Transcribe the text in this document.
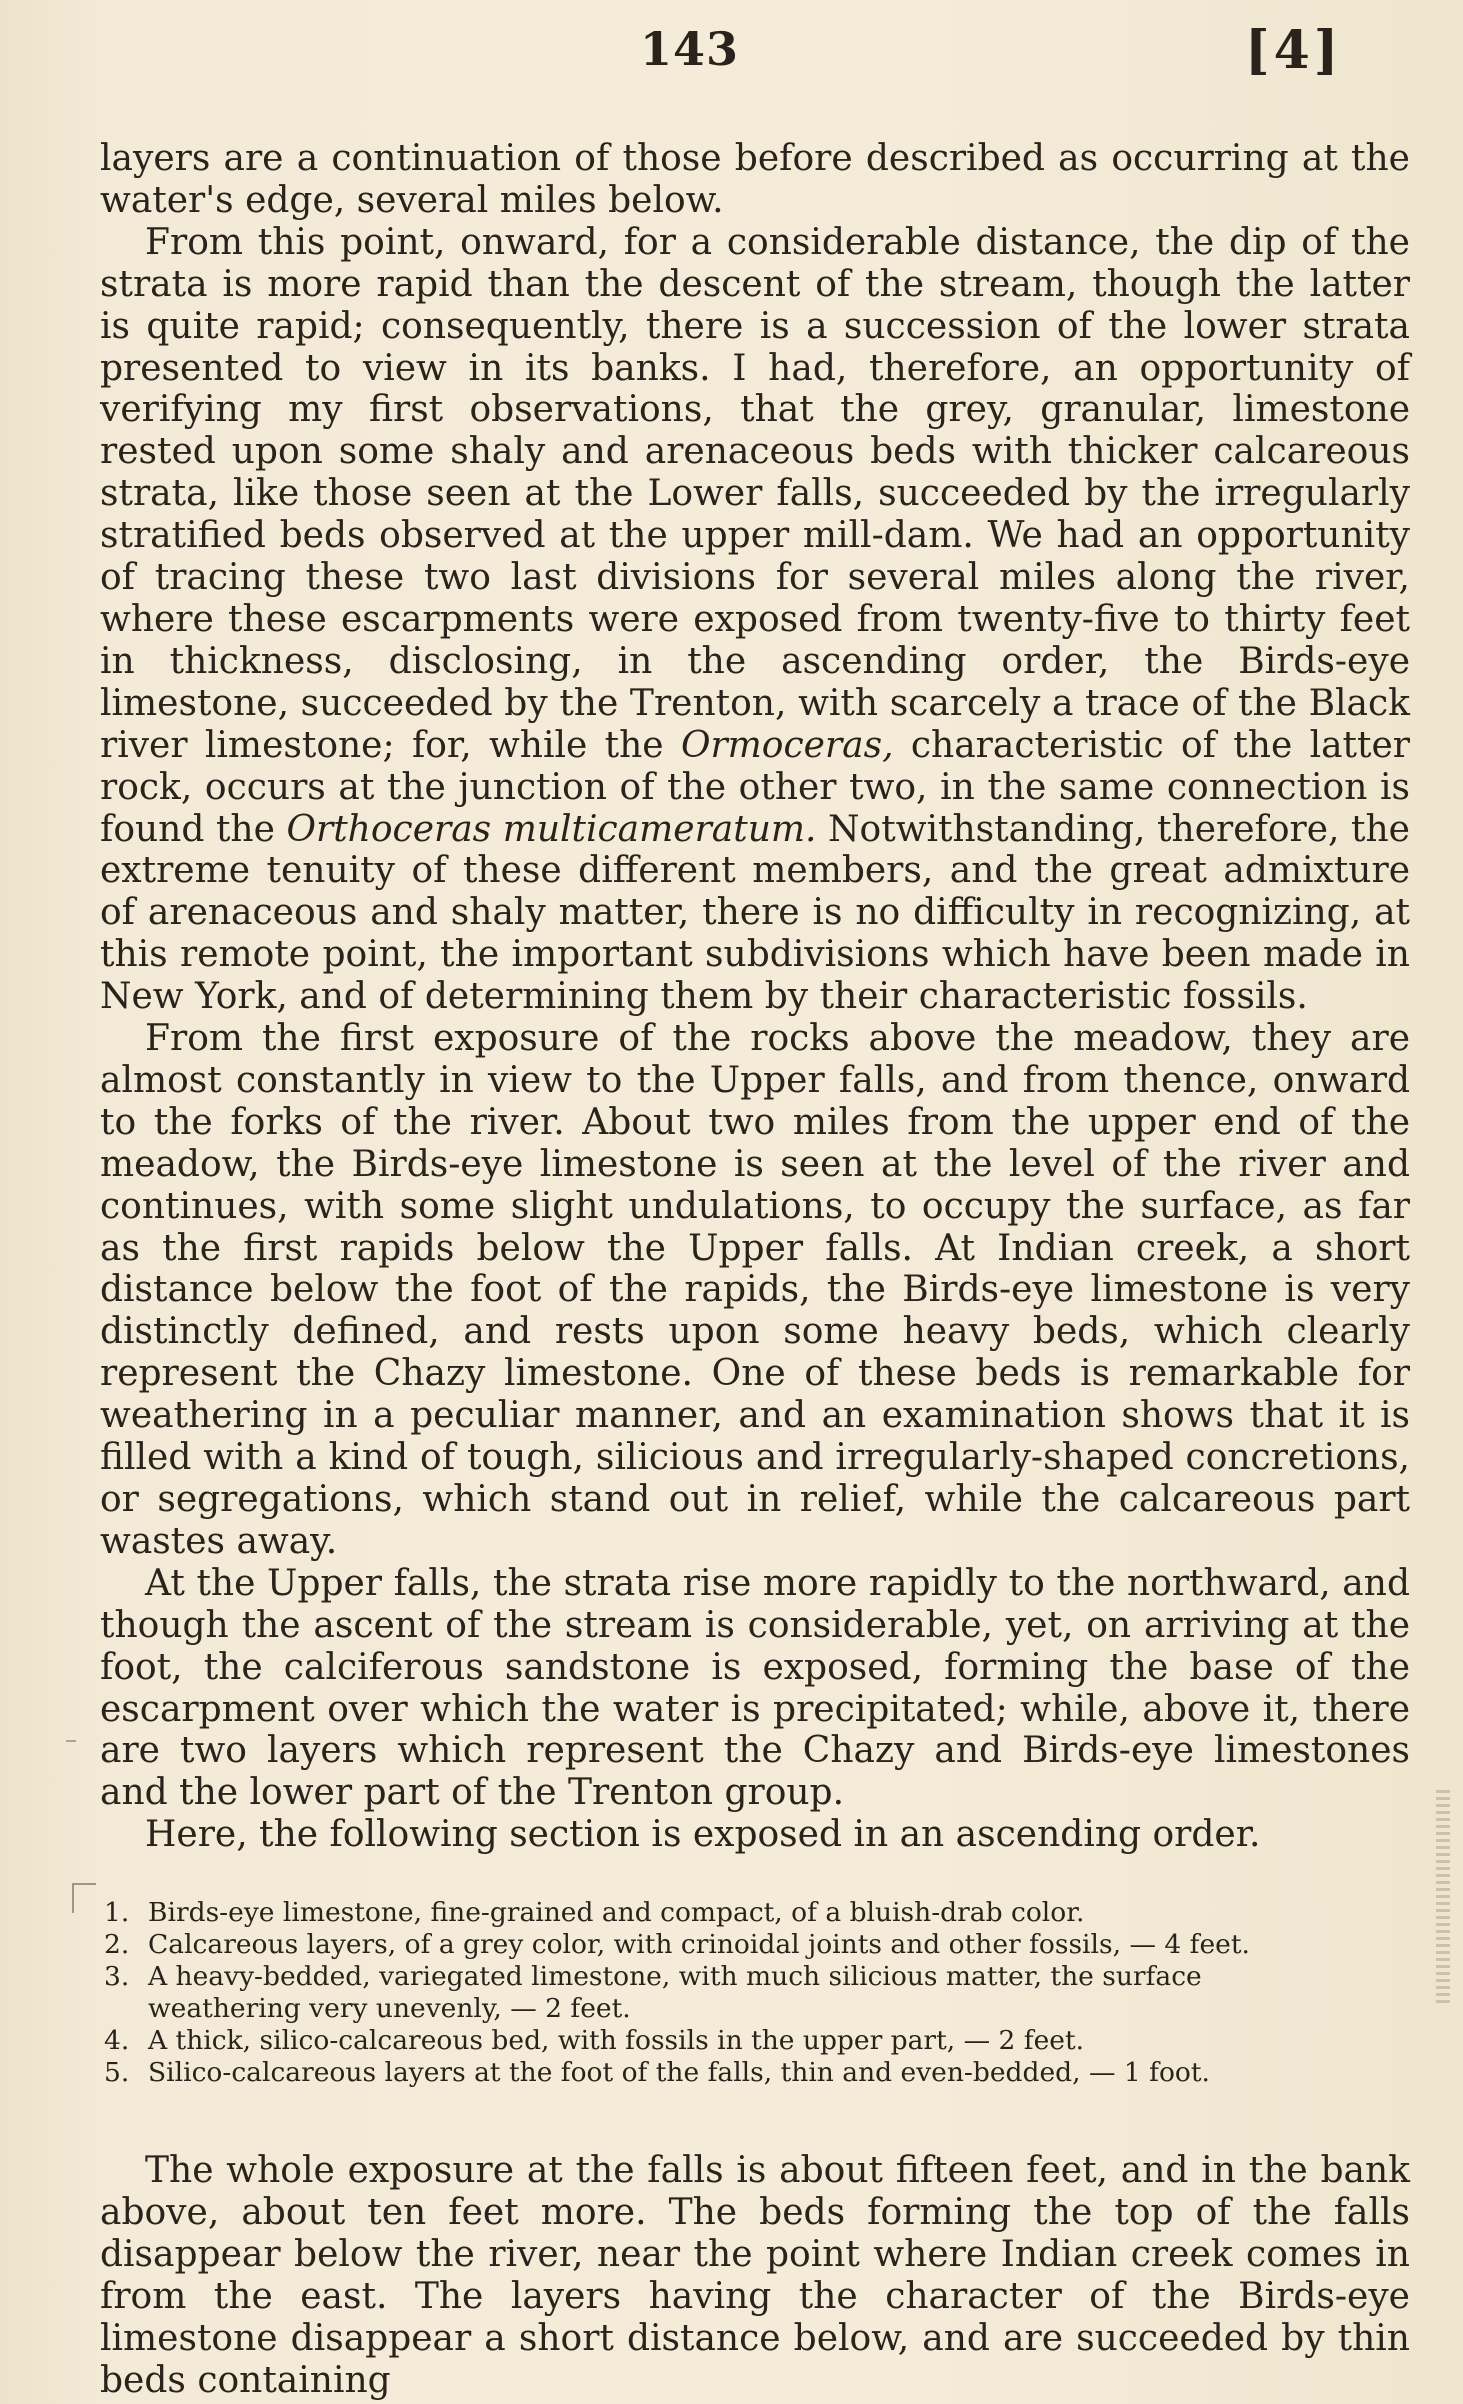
143	[4]

layers are a continuation of those before described as occurring at the water's edge, several miles below.

From this point, onward, for a considerable distance, the dip of the strata is more rapid than the descent of the stream, though the latter is quite rapid; consequently, there is a succession of the lower strata presented to view in its banks. I had, therefore, an opportunity of verifying my first observations, that the grey, granular, limestone rested upon some shaly and arenaceous beds with thicker calcareous strata, like those seen at the Lower falls, succeeded by the irregularly stratified beds observed at the upper mill-dam. We had an opportunity of tracing these two last divisions for several miles along the river, where these escarpments were exposed from twenty-five to thirty feet in thickness, disclosing, in the ascending order, the Birds-eye limestone, succeeded by the Trenton, with scarcely a trace of the Black river limestone; for, while the Ormoceras, characteristic of the latter rock, occurs at the junction of the other two, in the same connection is found the Orthoceras multicameratum. Notwithstanding, therefore, the extreme tenuity of these different members, and the great admixture of arenaceous and shaly matter, there is no difficulty in recognizing, at this remote point, the important subdivisions which have been made in New York, and of determining them by their characteristic fossils.

From the first exposure of the rocks above the meadow, they are almost constantly in view to the Upper falls, and from thence, onward to the forks of the river. About two miles from the upper end of the meadow, the Birds-eye limestone is seen at the level of the river and continues, with some slight undulations, to occupy the surface, as far as the first rapids below the Upper falls. At Indian creek, a short distance below the foot of the rapids, the Birds-eye limestone is very distinctly defined, and rests upon some heavy beds, which clearly represent the Chazy limestone. One of these beds is remarkable for weathering in a peculiar manner, and an examination shows that it is filled with a kind of tough, silicious and irregularly-shaped concretions, or segregations, which stand out in relief, while the calcareous part wastes away.

At the Upper falls, the strata rise more rapidly to the northward, and though the ascent of the stream is considerable, yet, on arriving at the foot, the calciferous sandstone is exposed, forming the base of the escarpment over which the water is precipitated; while, above it, there are two layers which represent the Chazy and Birds-eye limestones and the lower part of the Trenton group.

Here, the following section is exposed in an ascending order.

1. Birds-eye limestone, fine-grained and compact, of a bluish-drab color.
2. Calcareous layers, of a grey color, with crinoidal joints and other fossils, — 4 feet.
3. A heavy-bedded, variegated limestone, with much silicious matter, the surface weathering very unevenly, — 2 feet.
4. A thick, silico-calcareous bed, with fossils in the upper part, — 2 feet.
5. Silico-calcareous layers at the foot of the falls, thin and even-bedded, — 1 foot.

The whole exposure at the falls is about fifteen feet, and in the bank above, about ten feet more. The beds forming the top of the falls disappear below the river, near the point where Indian creek comes in from the east. The layers having the character of the Birds-eye limestone disappear a short distance below, and are succeeded by thin beds containing
